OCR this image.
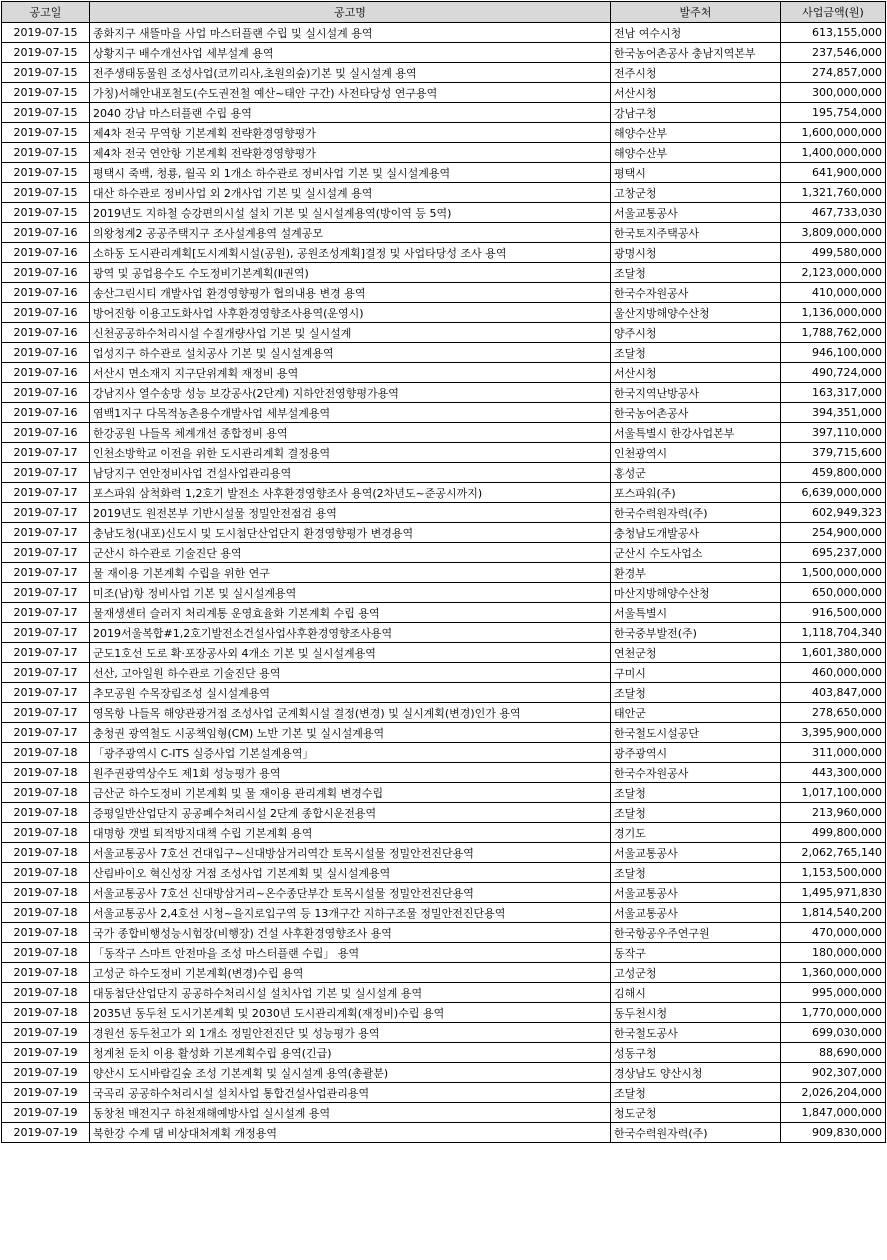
공고일	공고명	발주처	사업금액(원)
2019-07-15	종화지구 새뜰마을 사업 마스터플랜 수립 및 실시설계 용역	전남 여수시청	613,155,000
2019-07-15	상황지구 배수개선사업 세부설계 용역	한국농어촌공사 충남지역본부	237,546,000
2019-07-15	전주생태동물원 조성사업(코끼리사,초원의숲)기본 및 실시설계 용역	전주시청	274,857,000
2019-07-15	가칭)서해안내포철도(수도권전철 예산~태안 구간) 사전타당성 연구용역	서산시청	300,000,000
2019-07-15	2040 강남 마스터플랜 수립 용역	강남구청	195,754,000
2019-07-15	제4차 전국 무역항 기본계획 전략환경영향평가	해양수산부	1,600,000,000
2019-07-15	제4차 전국 연안항 기본계획 전략환경영향평가	해양수산부	1,400,000,000
2019-07-15	평택시 죽백, 청룡, 월곡 외 1개소 하수관로 정비사업 기본 및 실시설계용역	평택시	641,900,000
2019-07-15	대산 하수관로 정비사업 외 2개사업 기본 및 실시설계 용역	고창군청	1,321,760,000
2019-07-15	2019년도 지하철 승강편의시설 설치 기본 및 실시설계용역(방이역 등 5역)	서울교통공사	467,733,030
2019-07-16	의왕청계2 공공주택지구 조사설계용역 설계공모	한국토지주택공사	3,809,000,000
2019-07-16	소하동 도시관리계획[도시계획시설(공원), 공원조성계획]결정 및 사업타당성 조사 용역	광명시청	499,580,000
2019-07-16	광역 및 공업용수도 수도정비기본계획(Ⅱ권역)	조달청	2,123,000,000
2019-07-16	송산그린시티 개발사업 환경영향평가 협의내용 변경 용역	한국수자원공사	410,000,000
2019-07-16	방어진항 이용고도화사업 사후환경영향조사용역(운영시)	울산지방해양수산청	1,136,000,000
2019-07-16	신천공공하수처리시설 수질개량사업 기본 및 실시설계	양주시청	1,788,762,000
2019-07-16	업성지구 하수관로 설치공사 기본 및 실시설계용역	조달청	946,100,000
2019-07-16	서산시 면소재지 지구단위계획 재정비 용역	서산시청	490,724,000
2019-07-16	강남지사 열수송망 성능 보강공사(2단계) 지하안전영향평가용역	한국지역난방공사	163,317,000
2019-07-16	염백1지구 다목적농촌용수개발사업 세부설계용역	한국농어촌공사	394,351,000
2019-07-16	한강공원 나들목 체계개선 종합정비 용역	서울특별시 한강사업본부	397,110,000
2019-07-17	인천소방학교 이전을 위한 도시관리계획 결정용역	인천광역시	379,715,600
2019-07-17	남당지구 연안정비사업 건설사업관리용역	홍성군	459,800,000
2019-07-17	포스파워 삼척화력 1,2호기 발전소 사후환경영향조사 용역(2차년도~준공시까지)	포스파워(주)	6,639,000,000
2019-07-17	2019년도 원전본부 기반시설물 정밀안전점검 용역	한국수력원자력(주)	602,949,323
2019-07-17	충남도청(내포)신도시 및 도시첨단산업단지 환경영향평가 변경용역	충청남도개발공사	254,900,000
2019-07-17	군산시 하수관로 기술진단 용역	군산시 수도사업소	695,237,000
2019-07-17	물 재이용 기본계획 수립을 위한 연구	환경부	1,500,000,000
2019-07-17	미조(남)항 정비사업 기본 및 실시설계용역	마산지방해양수산청	650,000,000
2019-07-17	물재생센터 슬러지 처리계통 운영효율화 기본계획 수립 용역	서울특별시	916,500,000
2019-07-17	2019서울복합#1,2호기발전소건설사업사후환경영향조사용역	한국중부발전(주)	1,118,704,340
2019-07-17	군도1호선 도로 확·포장공사외 4개소 기본 및 실시설계용역	연천군청	1,601,380,000
2019-07-17	선산, 고아일원 하수관로 기술진단 용역	구미시	460,000,000
2019-07-17	추모공원 수목장림조성 실시설계용역	조달청	403,847,000
2019-07-17	영목항 나들목 해양관광거점 조성사업 군계획시설 결정(변경) 및 실시계획(변경)인가 용역	태안군	278,650,000
2019-07-17	충청권 광역철도 시공책임형(CM) 노반 기본 및 실시설계용역	한국철도시설공단	3,395,900,000
2019-07-18	「광주광역시 C-ITS 실증사업 기본설계용역」	광주광역시	311,000,000
2019-07-18	원주권광역상수도 제1회 성능평가 용역	한국수자원공사	443,300,000
2019-07-18	금산군 하수도정비 기본계획 및 물 재이용 관리계획 변경수립	조달청	1,017,100,000
2019-07-18	증평일반산업단지 공공폐수처리시설 2단계 종합시운전용역	조달청	213,960,000
2019-07-18	대명항 갯벌 퇴적방지대책 수립 기본계획 용역	경기도	499,800,000
2019-07-18	서울교통공사 7호선 건대입구~신대방삼거리역간 토목시설물 정밀안전진단용역	서울교통공사	2,062,765,140
2019-07-18	산림바이오 혁신성장 거점 조성사업 기본계획 및 실시설계용역	조달청	1,153,500,000
2019-07-18	서울교통공사 7호선 신대방삼거리~온수종단부간 토목시설물 정밀안전진단용역	서울교통공사	1,495,971,830
2019-07-18	서울교통공사 2,4호선 시청~을지로입구역 등 13개구간 지하구조물 정밀안전진단용역	서울교통공사	1,814,540,200
2019-07-18	국가 종합비행성능시험장(비행장) 건설 사후환경영향조사 용역	한국항공우주연구원	470,000,000
2019-07-18	「동작구 스마트 안전마을 조성 마스터플랜 수립」 용역	동작구	180,000,000
2019-07-18	고성군 하수도정비 기본계획(변경)수립 용역	고성군청	1,360,000,000
2019-07-18	대동첨단산업단지 공공하수처리시설 설치사업 기본 및 실시설계 용역	김해시	995,000,000
2019-07-18	2035년 동두천 도시기본계획 및 2030년 도시관리계획(재정비)수립 용역	동두천시청	1,770,000,000
2019-07-19	경원선 동두천고가 외 1개소 정밀안전진단 및 성능평가 용역	한국철도공사	699,030,000
2019-07-19	청계천 둔치 이용 활성화 기본계획수립 용역(긴급)	성동구청	88,690,000
2019-07-19	양산시 도시바람길숲 조성 기본계획 및 실시설계 용역(총괄분)	경상남도 양산시청	902,307,000
2019-07-19	국곡리 공공하수처리시설 설치사업 통합건설사업관리용역	조달청	2,026,204,000
2019-07-19	동창천 매전지구 하천재해예방사업 실시설계 용역	청도군청	1,847,000,000
2019-07-19	북한강 수계 댐 비상대처계획 개정용역	한국수력원자력(주)	909,830,000
